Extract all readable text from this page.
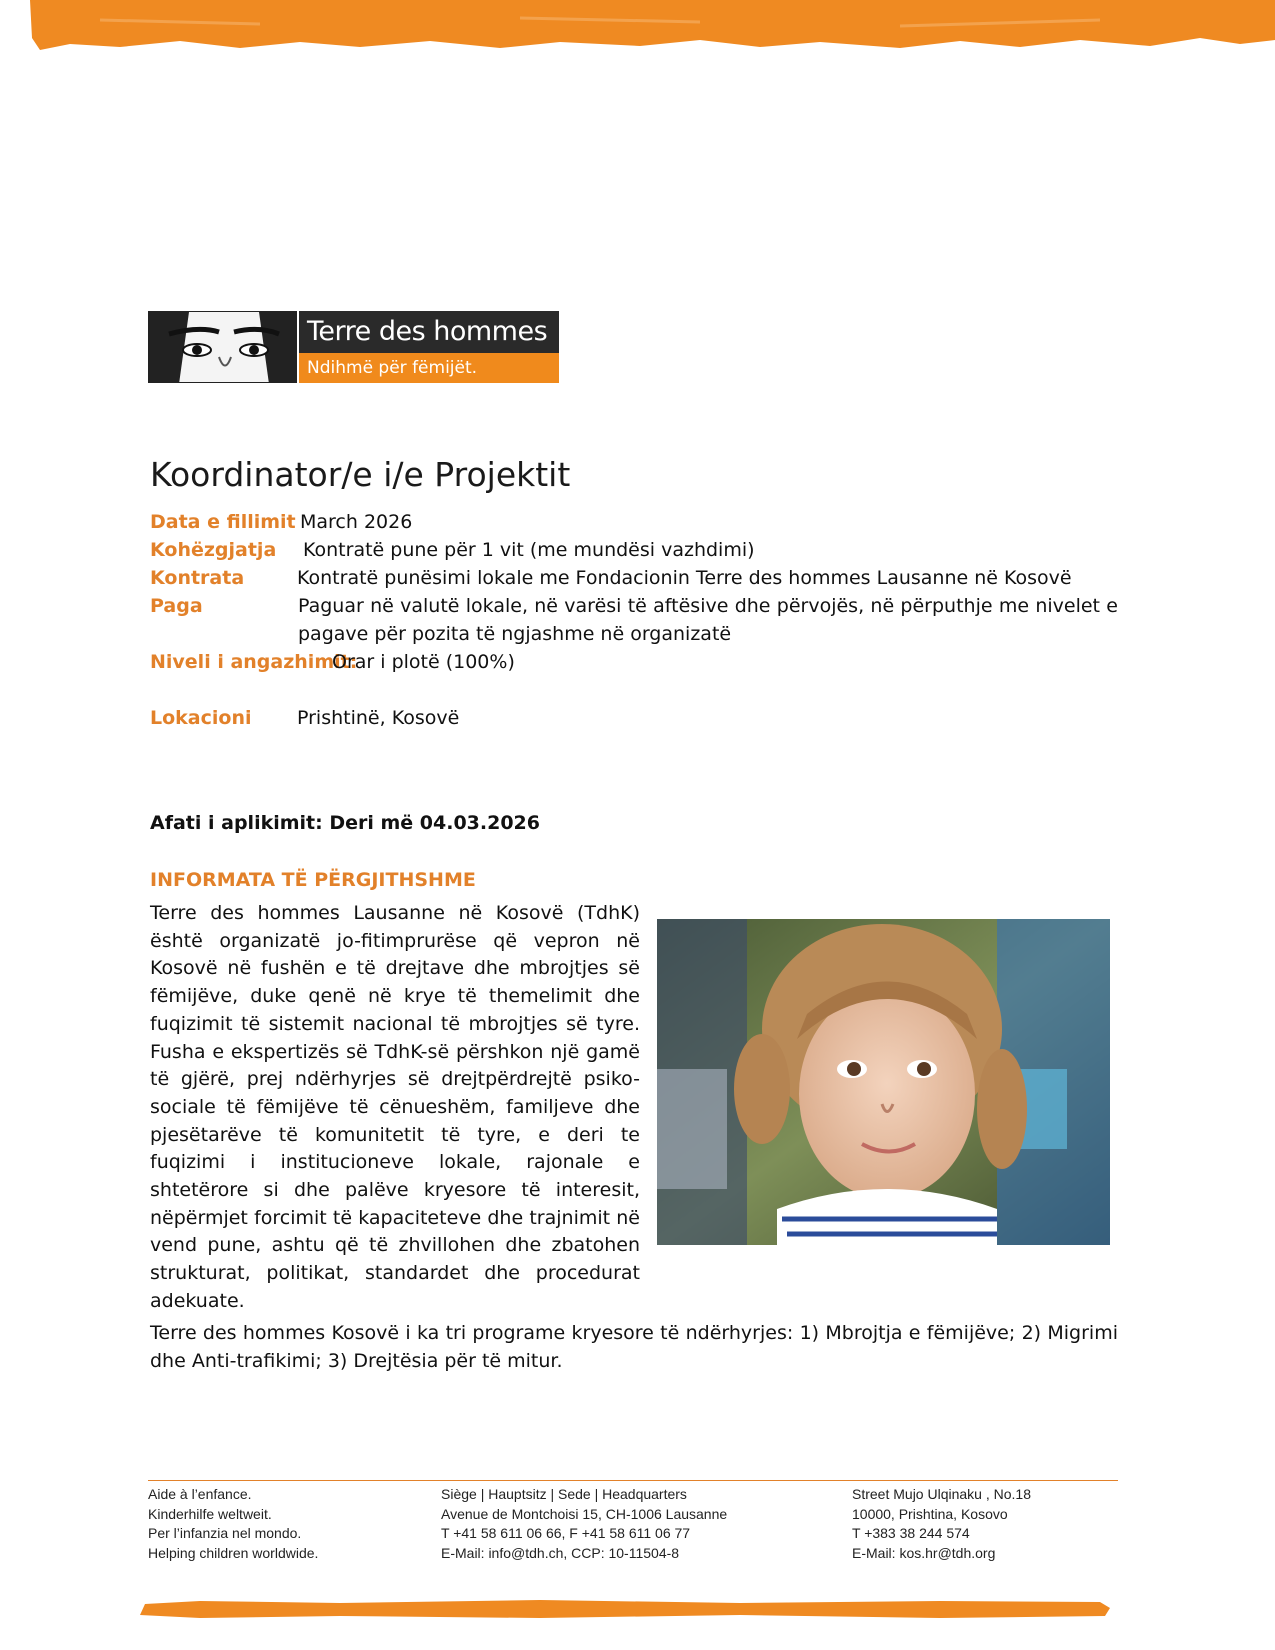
Terre des hommes
Ndihmë për fëmijët.
Koordinator/e i/e Projektit
Data e fillimit March 2026
Kohëzgjatja Kontratë pune për 1 vit (me mundësi vazhdimi)
Kontrata	Kontratë punësimi lokale me Fondacionin Terre des hommes Lausanne në Kosovë
Paga	Paguar në valutë lokale, në varësi të aftësive dhe përvojës, në përputhje me nivelet e pagave për pozita të ngjashme në organizatë
Niveli i angazhimit:
Orar i plotë (100%)
Lokacioni Prishtinë, Kosovë
Afati i aplikimit: Deri më 04.03.2026
INFORMATA TË PËRGJITHSHME

Terre des hommes Lausanne në Kosovë (TdhK) është organizatë jo-fitimprurëse që vepron në Kosovë në fushën e të drejtave dhe mbrojtjes së fëmijëve, duke qenë në krye të themelimit dhe fuqizimit të sistemit nacional të mbrojtjes së tyre. Fusha e ekspertizës së TdhK-së përshkon një gamë të gjërë, prej ndërhyrjes së drejtpërdrejtë psiko-sociale të fëmijëve të cënueshëm, familjeve dhe pjesëtarëve të komunitetit të tyre, e deri te fuqizimi i institucioneve lokale, rajonale e shtetërore si dhe palëve kryesore të interesit, nëpërmjet forcimit të kapaciteteve dhe trajnimit në vend pune, ashtu që të zhvillohen dhe zbatohen strukturat, politikat, standardet dhe procedurat adekuate.

Terre des hommes Kosovë i ka tri programe kryesore të ndërhyrjes: 1) Mbrojtja e fëmijëve; 2) Migrimi dhe Anti-trafikimi; 3) Drejtësia për të mitur.

Aide à l’enfance.
Kinderhilfe weltweit.
Per l’infanzia nel mondo.
Helping children worldwide.
Siège | Hauptsitz | Sede | Headquarters
Avenue de Montchoisi 15, CH-1006 Lausanne
T +41 58 611 06 66, F +41 58 611 06 77
E-Mail: info@tdh.ch, CCP: 10-11504-8
Street Mujo Ulqinaku , No.18
10000, Prishtina, Kosovo
T +383 38 244 574
E-Mail: kos.hr@tdh.org
